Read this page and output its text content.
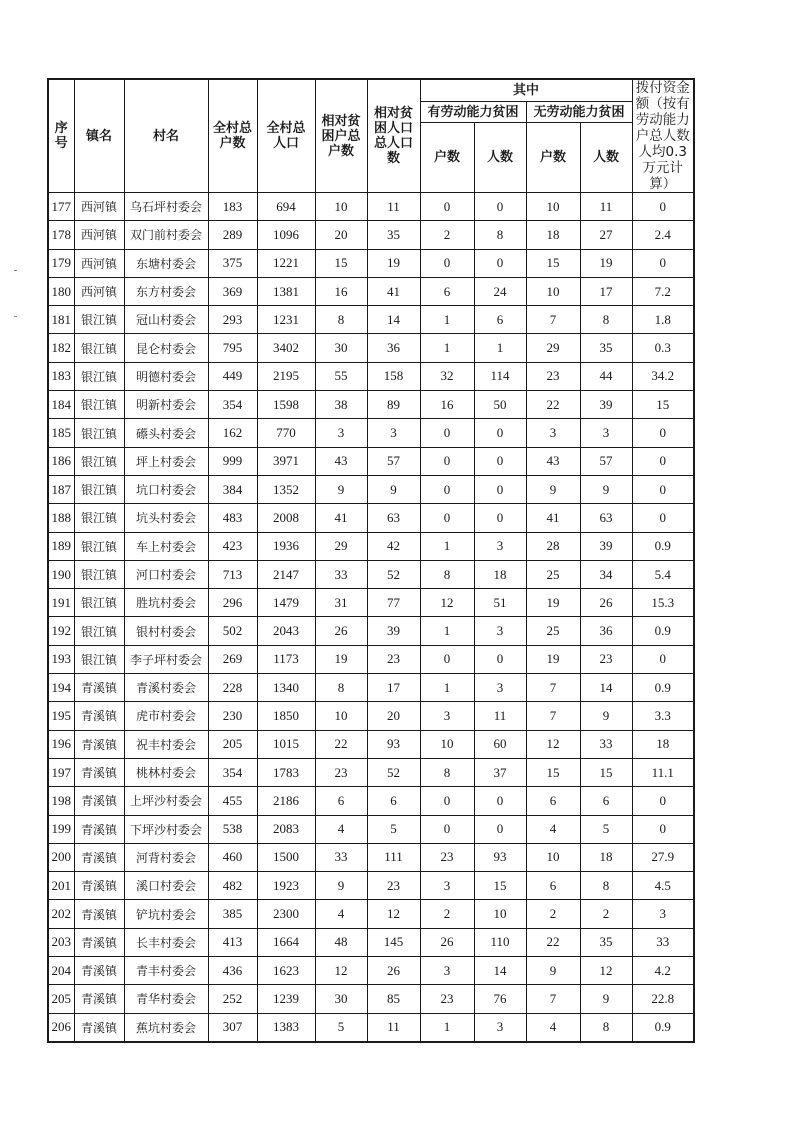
序号	镇名	村名	全村总户数	全村总人口	相对贫困户总户数	相对贫困人口总人口数	其中				拨付资金额（按有劳动能力户总人数人均0.3万元计算）
							有劳动能力贫困		无劳动能力贫困		
							户数	人数	户数	人数	
177	西河镇	乌石坪村委会	183	694	10	11	0	0	10	11	0
178	西河镇	双门前村委会	289	1096	20	35	2	8	18	27	2.4
179	西河镇	东塘村委会	375	1221	15	19	0	0	15	19	0
180	西河镇	东方村委会	369	1381	16	41	6	24	10	17	7.2
181	银江镇	冠山村委会	293	1231	8	14	1	6	7	8	1.8
182	银江镇	昆仑村委会	795	3402	30	36	1	1	29	35	0.3
183	银江镇	明德村委会	449	2195	55	158	32	114	23	44	34.2
184	银江镇	明新村委会	354	1598	38	89	16	50	22	39	15
185	银江镇	礤头村委会	162	770	3	3	0	0	3	3	0
186	银江镇	坪上村委会	999	3971	43	57	0	0	43	57	0
187	银江镇	坑口村委会	384	1352	9	9	0	0	9	9	0
188	银江镇	坑头村委会	483	2008	41	63	0	0	41	63	0
189	银江镇	车上村委会	423	1936	29	42	1	3	28	39	0.9
190	银江镇	河口村委会	713	2147	33	52	8	18	25	34	5.4
191	银江镇	胜坑村委会	296	1479	31	77	12	51	19	26	15.3
192	银江镇	银村村委会	502	2043	26	39	1	3	25	36	0.9
193	银江镇	李子坪村委会	269	1173	19	23	0	0	19	23	0
194	青溪镇	青溪村委会	228	1340	8	17	1	3	7	14	0.9
195	青溪镇	虎市村委会	230	1850	10	20	3	11	7	9	3.3
196	青溪镇	祝丰村委会	205	1015	22	93	10	60	12	33	18
197	青溪镇	桃林村委会	354	1783	23	52	8	37	15	15	11.1
198	青溪镇	上坪沙村委会	455	2186	6	6	0	0	6	6	0
199	青溪镇	下坪沙村委会	538	2083	4	5	0	0	4	5	0
200	青溪镇	河背村委会	460	1500	33	111	23	93	10	18	27.9
201	青溪镇	溪口村委会	482	1923	9	23	3	15	6	8	4.5
202	青溪镇	铲坑村委会	385	2300	4	12	2	10	2	2	3
203	青溪镇	长丰村委会	413	1664	48	145	26	110	22	35	33
204	青溪镇	青丰村委会	436	1623	12	26	3	14	9	12	4.2
205	青溪镇	青华村委会	252	1239	30	85	23	76	7	9	22.8
206	青溪镇	蕉坑村委会	307	1383	5	11	1	3	4	8	0.9
